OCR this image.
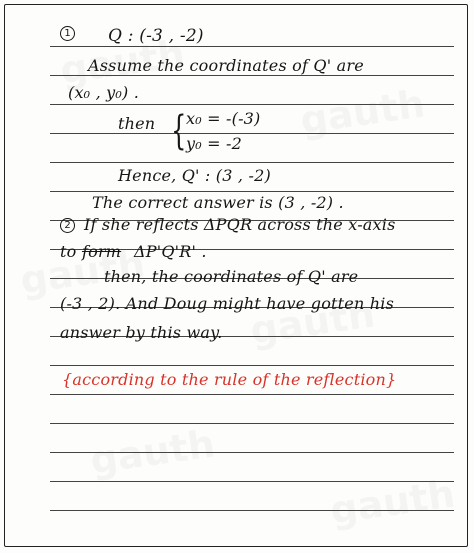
1 Q : (-3 , -2)
Assume the coordinates of Q' are
(x₀ , y₀) .
then { x₀ = -(-3)
y₀ = -2
Hence, Q' : (3 , -2)
The correct answer is (3 , -2) .
2 If she reflects ΔPQR across the x-axis
to form ΔP'Q'R' .
then, the coordinates of Q' are
(-3 , 2). And Doug might have gotten his
answer by this way.
{according to the rule of the reflection}
